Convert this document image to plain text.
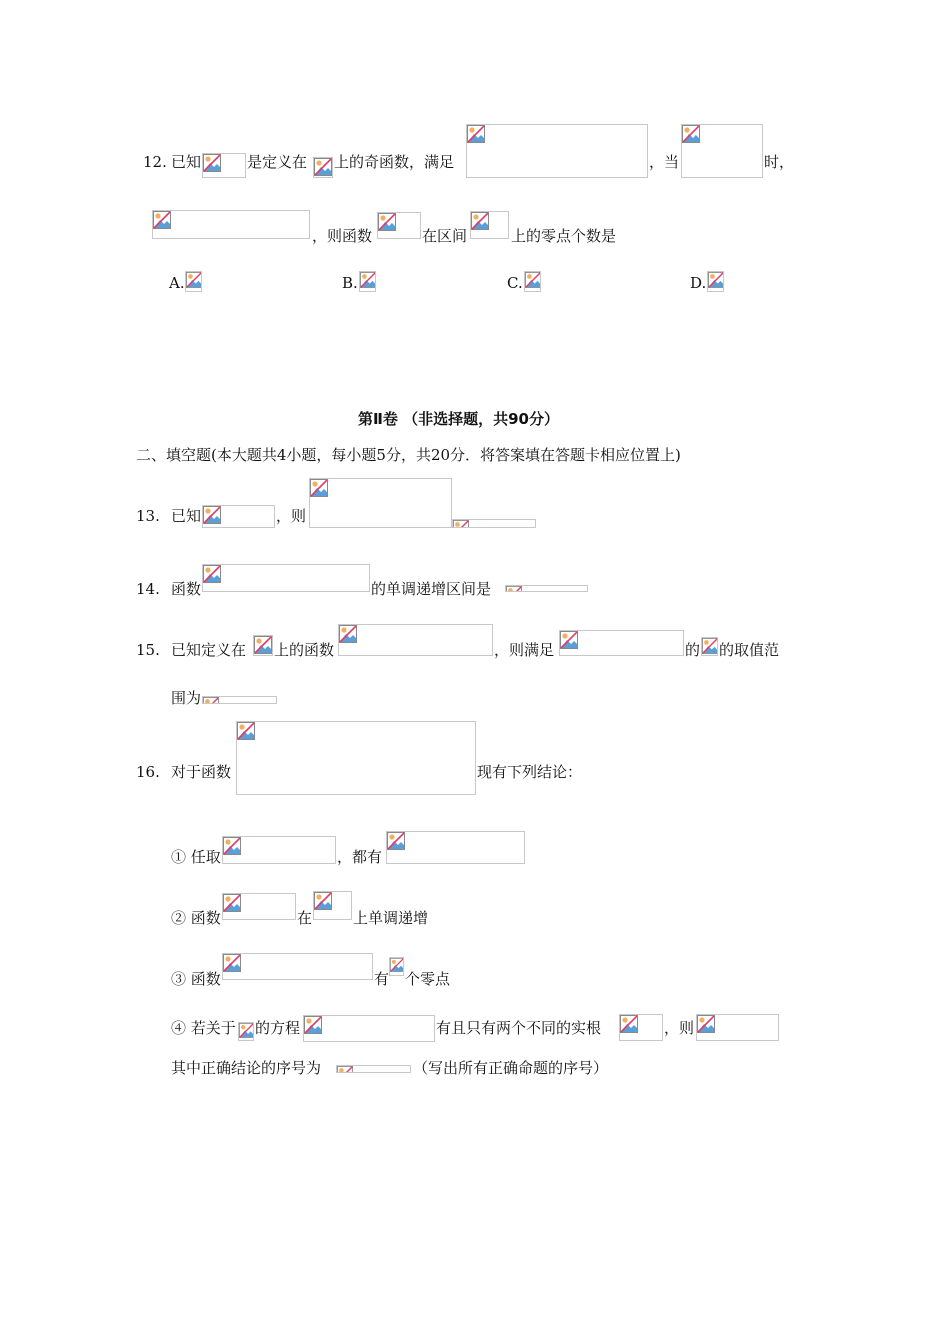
12. 已知	是定义在 上的奇函数，满足	，当	时，
，则函数	在区间	上的零点个数是
A.	B.	C.	D.
第Ⅱ卷 （非选择题，共90分）
二、填空题(本大题共4小题，每小题5分，共20分．将答案填在答题卡相应位置上)
13. 已知	，则
14. 函数	的单调递增区间是
15. 已知定义在 上的函数	，则满足	的 的取值范
围为
16. 对于函数	现有下列结论：
① 任取	，都有
② 函数	在	上单调递增
③ 函数	有 个零点
④ 若关于 的方程	有且只有两个不同的实根	，则
其中正确结论的序号为	（写出所有正确命题的序号）
